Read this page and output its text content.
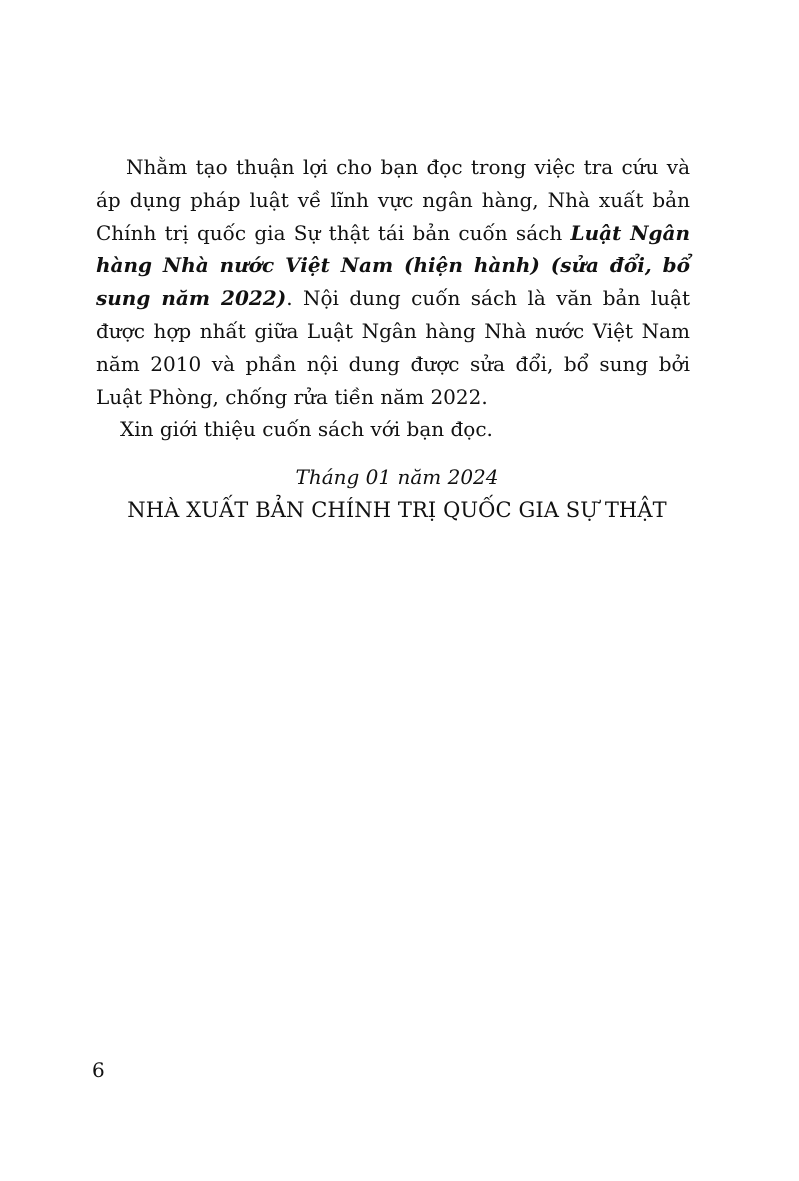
Nhằm tạo thuận lợi cho bạn đọc trong việc tra cứu và áp dụng pháp luật về lĩnh vực ngân hàng, Nhà xuất bản Chính trị quốc gia Sự thật tái bản cuốn sách Luật Ngân hàng Nhà nước Việt Nam (hiện hành) (sửa đổi, bổ sung năm 2022). Nội dung cuốn sách là văn bản luật được hợp nhất giữa Luật Ngân hàng Nhà nước Việt Nam năm 2010 và phần nội dung được sửa đổi, bổ sung bởi Luật Phòng, chống rửa tiền năm 2022.

Xin giới thiệu cuốn sách với bạn đọc.

Tháng 01 năm 2024
NHÀ XUẤT BẢN CHÍNH TRỊ QUỐC GIA SỰ THẬT
6
